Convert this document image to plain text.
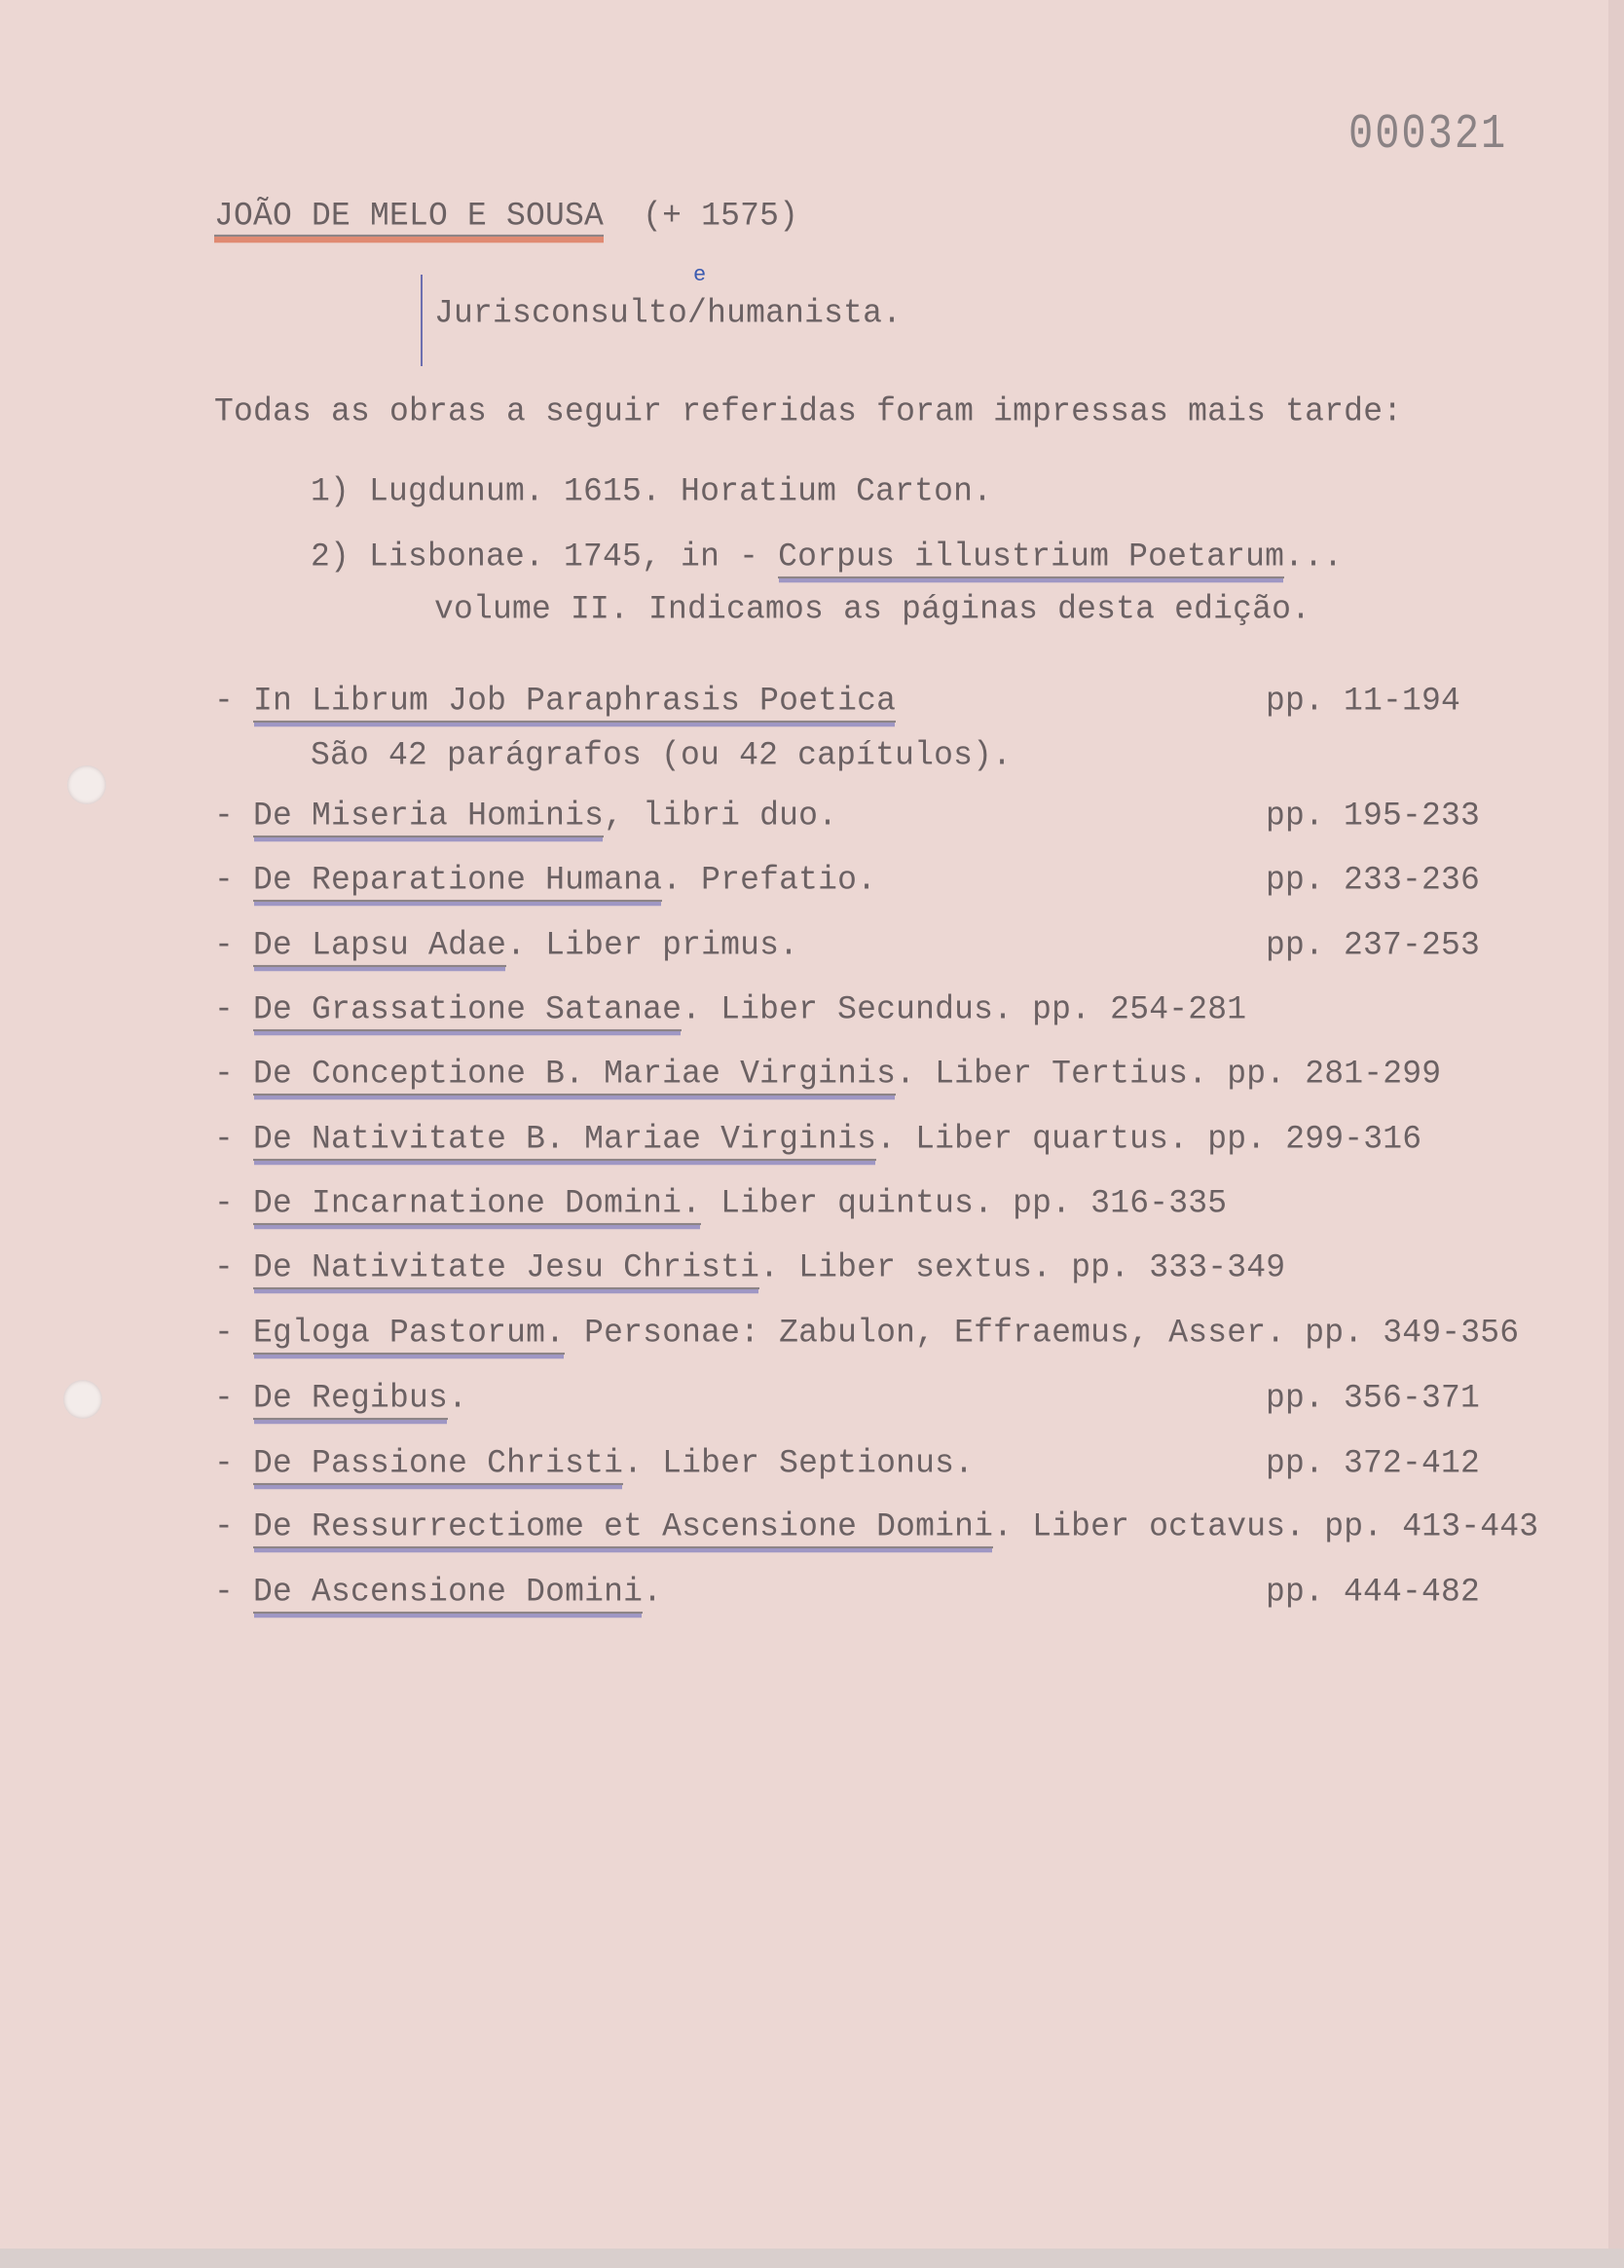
000321
JOÃO DE MELO E SOUSA (+ 1575)
Jurisconsulto/humanista.
e
Todas as obras a seguir referidas foram impressas mais tarde:
1) Lugdunum. 1615. Horatium Carton.
2) Lisbonae. 1745, in - Corpus illustrium Poetarum...
volume II. Indicamos as páginas desta edição.
- In Librum Job Paraphrasis Poetica	pp. 11-194
São 42 parágrafos (ou 42 capítulos).
- De Miseria Hominis, libri duo.	pp. 195-233
- De Reparatione Humana. Prefatio.	pp. 233-236
- De Lapsu Adae. Liber primus.	pp. 237-253
- De Grassatione Satanae. Liber Secundus. pp. 254-281
- De Conceptione B. Mariae Virginis. Liber Tertius. pp. 281-299
- De Nativitate B. Mariae Virginis. Liber quartus. pp. 299-316
- De Incarnatione Domini. Liber quintus. pp. 316-335
- De Nativitate Jesu Christi. Liber sextus. pp. 333-349
- Egloga Pastorum. Personae: Zabulon, Effraemus, Asser. pp. 349-356
- De Regibus.	pp. 356-371
- De Passione Christi. Liber Septionus.	pp. 372-412
- De Ressurrectiome et Ascensione Domini. Liber octavus. pp. 413-443
- De Ascensione Domini.	pp. 444-482
